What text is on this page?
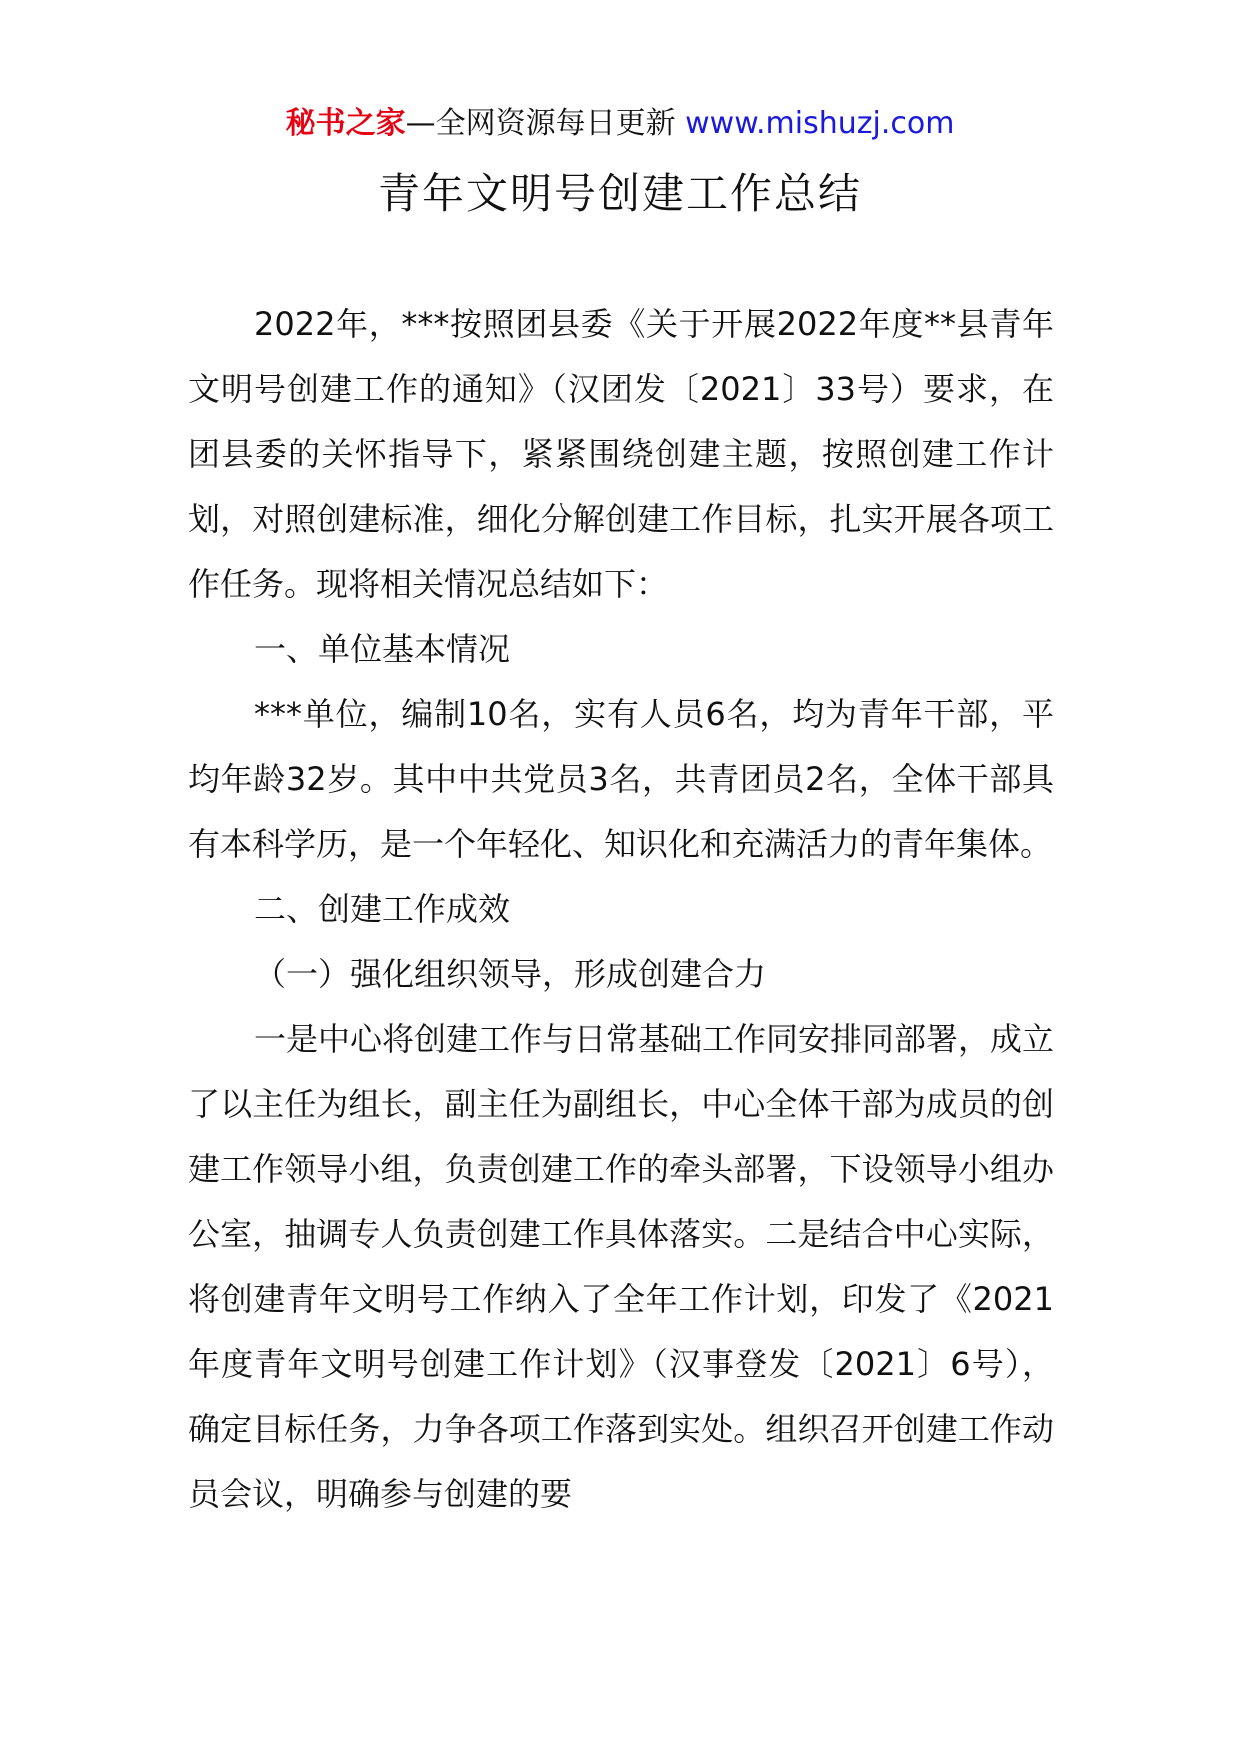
秘书之家—全网资源每日更新 www.mishuzj.com
青年文明号创建工作总结

2022年，***按照团县委《关于开展2022年度**县青年文明号创建工作的通知》（汉团发〔2021〕33号）要求，在团县委的关怀指导下，紧紧围绕创建主题，按照创建工作计划，对照创建标准，细化分解创建工作目标，扎实开展各项工作任务。现将相关情况总结如下：

一、单位基本情况

***单位，编制10名，实有人员6名，均为青年干部，平均年龄32岁。其中中共党员3名，共青团员2名，全体干部具有本科学历，是一个年轻化、知识化和充满活力的青年集体。

二、创建工作成效

（一）强化组织领导，形成创建合力

一是中心将创建工作与日常基础工作同安排同部署，成立了以主任为组长，副主任为副组长，中心全体干部为成员的创建工作领导小组，负责创建工作的牵头部署，下设领导小组办公室，抽调专人负责创建工作具体落实。二是结合中心实际，将创建青年文明号工作纳入了全年工作计划，印发了《2021年度青年文明号创建工作计划》（汉事登发〔2021〕6号），确定目标任务，力争各项工作落到实处。组织召开创建工作动员会议，明确参与创建的要
